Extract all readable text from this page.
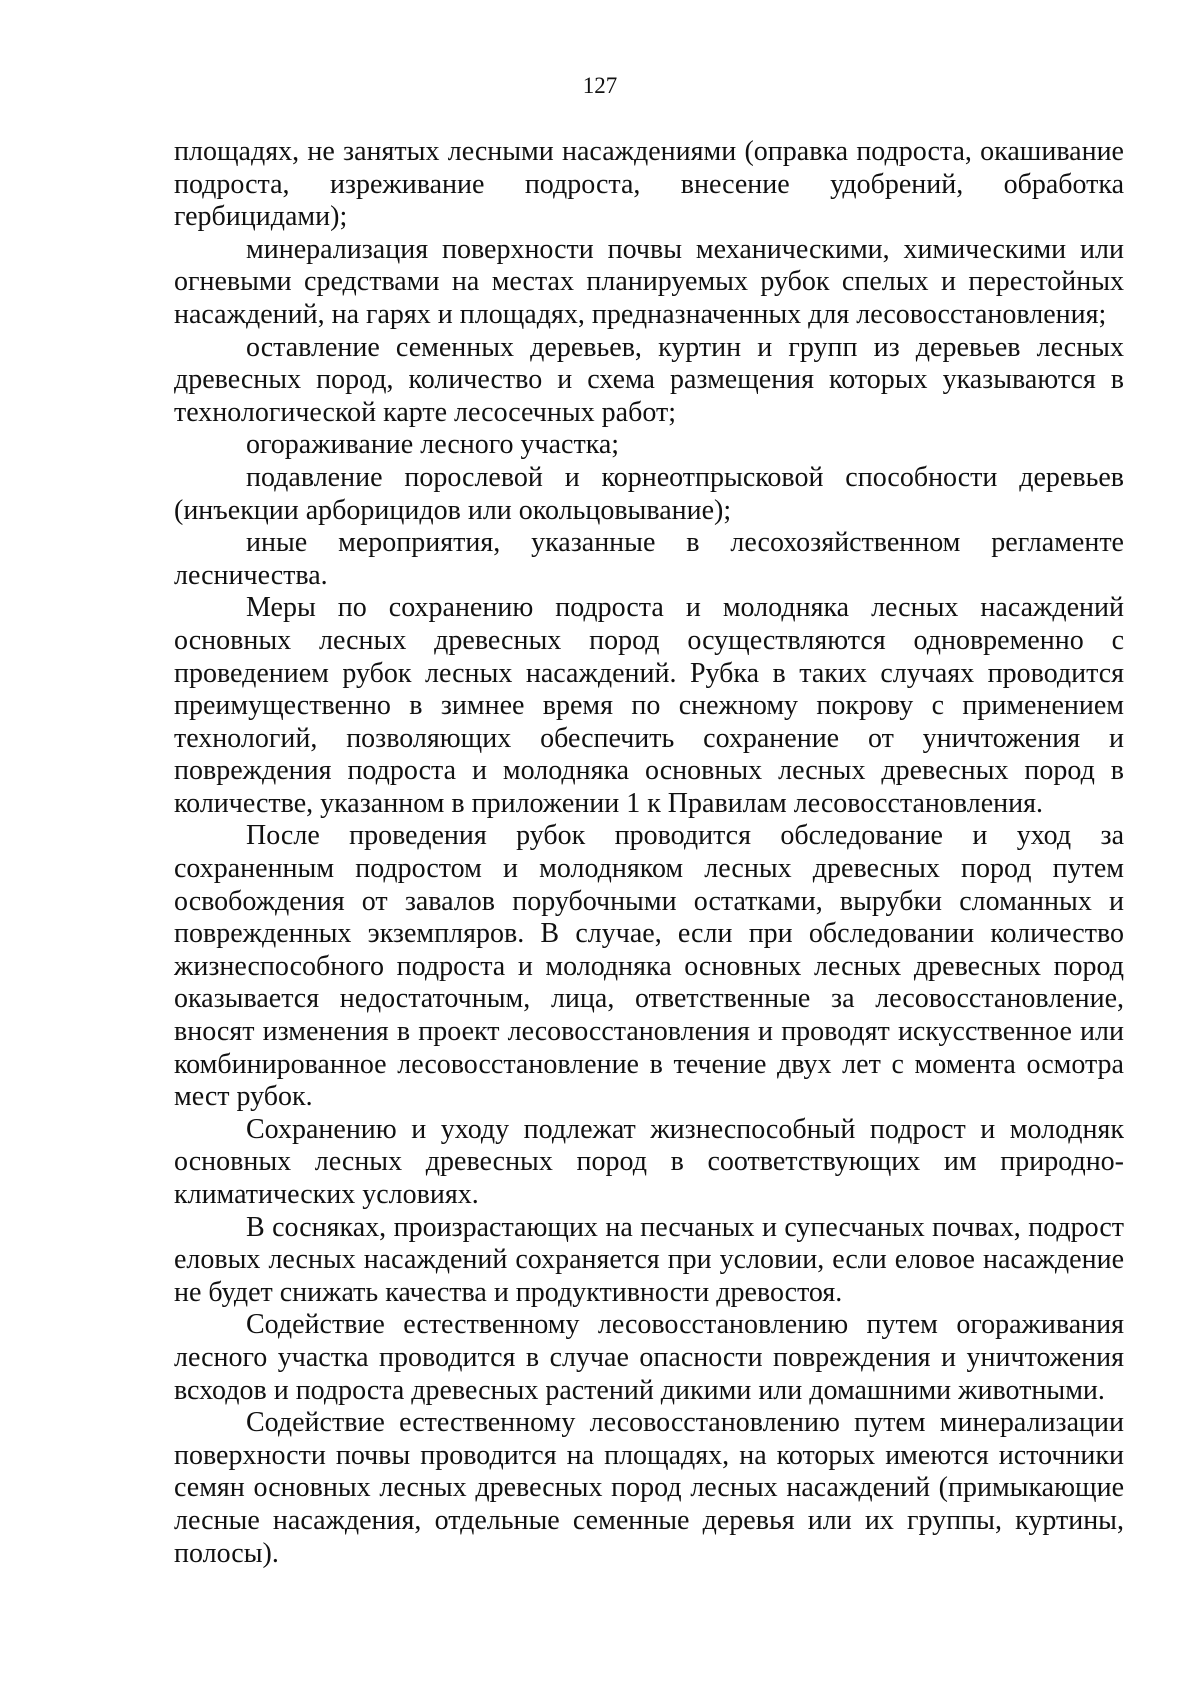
127

площадях, не занятых лесными насаждениями (оправка подроста, окашивание подроста, изреживание подроста, внесение удобрений, обработка гербицидами);

минерализация поверхности почвы механическими, химическими или огневыми средствами на местах планируемых рубок спелых и перестойных насаждений, на гарях и площадях, предназначенных для лесовосстановления;

оставление семенных деревьев, куртин и групп из деревьев лесных древесных пород, количество и схема размещения которых указываются в технологической карте лесосечных работ;

огораживание лесного участка;

подавление порослевой и корнеотпрысковой способности деревьев (инъекции арборицидов или окольцовывание);

иные мероприятия, указанные в лесохозяйственном регламенте лесничества.

Меры по сохранению подроста и молодняка лесных насаждений основных лесных древесных пород осуществляются одновременно с проведением рубок лесных насаждений. Рубка в таких случаях проводится преимущественно в зимнее время по снежному покрову с применением технологий, позволяющих обеспечить сохранение от уничтожения и повреждения подроста и молодняка основных лесных древесных пород в количестве, указанном в приложении 1 к Правилам лесовосстановления.

После проведения рубок проводится обследование и уход за сохраненным подростом и молодняком лесных древесных пород путем освобождения от завалов порубочными остатками, вырубки сломанных и поврежденных экземпляров. В случае, если при обследовании количество жизнеспособного подроста и молодняка основных лесных древесных пород оказывается недостаточным, лица, ответственные за лесовосстановление, вносят изменения в проект лесовосстановления и проводят искусственное или комбинированное лесовосстановление в течение двух лет с момента осмотра мест рубок.

Сохранению и уходу подлежат жизнеспособный подрост и молодняк основных лесных древесных пород в соответствующих им природно-климатических условиях.

В сосняках, произрастающих на песчаных и супесчаных почвах, подрост еловых лесных насаждений сохраняется при условии, если еловое насаждение не будет снижать качества и продуктивности древостоя.

Содействие естественному лесовосстановлению путем огораживания лесного участка проводится в случае опасности повреждения и уничтожения всходов и подроста древесных растений дикими или домашними животными.

Содействие естественному лесовосстановлению путем минерализации поверхности почвы проводится на площадях, на которых имеются источники семян основных лесных древесных пород лесных насаждений (примыкающие лесные насаждения, отдельные семенные деревья или их группы, куртины, полосы).
